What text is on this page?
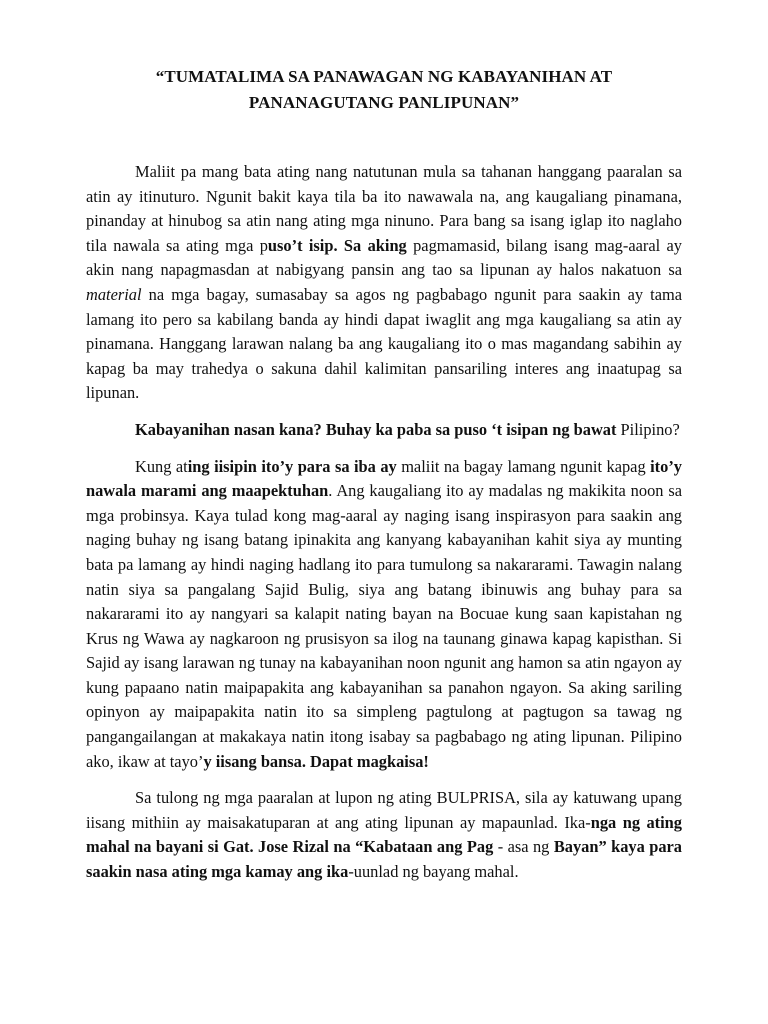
“TUMATALIMA SA PANAWAGAN NG KABAYANIHAN AT
PANANAGUTANG PANLIPUNAN”

Maliit pa mang bata ating nang natutunan mula sa tahanan hanggang paaralan sa atin ay itinuturo. Ngunit bakit kaya tila ba ito nawawala na, ang kaugaliang pinamana, pinanday at hinubog sa atin nang ating mga ninuno. Para bang sa isang iglap ito naglaho tila nawala sa ating mga puso’t isip. Sa aking pagmamasid, bilang isang mag-aaral ay akin nang napagmasdan at nabigyang pansin ang tao sa lipunan ay halos nakatuon sa material na mga bagay, sumasabay sa agos ng pagbabago ngunit para saakin ay tama lamang ito pero sa kabilang banda ay hindi dapat iwaglit ang mga kaugaliang sa atin ay pinamana. Hanggang larawan nalang ba ang kaugaliang ito o mas magandang sabihin ay kapag ba may trahedya o sakuna dahil kalimitan pansariling interes ang inaatupag sa lipunan.

Kabayanihan nasan kana? Buhay ka paba sa puso ‘t isipan ng bawat Pilipino?

Kung ating iisipin ito’y para sa iba ay maliit na bagay lamang ngunit kapag ito’y nawala marami ang maapektuhan. Ang kaugaliang ito ay madalas ng makikita noon sa mga probinsya. Kaya tulad kong mag-aaral ay naging isang inspirasyon para saakin ang naging buhay ng isang batang ipinakita ang kanyang kabayanihan kahit siya ay munting bata pa lamang ay hindi naging hadlang ito para tumulong sa nakararami. Tawagin nalang natin siya sa pangalang Sajid Bulig, siya ang batang ibinuwis ang buhay para sa nakararami ito ay nangyari sa kalapit nating bayan na Bocuae kung saan kapistahan ng Krus ng Wawa ay nagkaroon ng prusisyon sa ilog na taunang ginawa kapag kapisthan. Si Sajid ay isang larawan ng tunay na kabayanihan noon ngunit ang hamon sa atin ngayon ay kung papaano natin maipapakita ang kabayanihan sa panahon ngayon. Sa aking sariling opinyon ay maipapakita natin ito sa simpleng pagtulong at pagtugon sa tawag ng pangangailangan at makakaya natin itong isabay sa pagbabago ng ating lipunan. Pilipino ako, ikaw at tayo’y iisang bansa. Dapat magkaisa!

Sa tulong ng mga paaralan at lupon ng ating BULPRISA, sila ay katuwang upang iisang mithiin ay maisakatuparan at ang ating lipunan ay mapaunlad. Ika-nga ng ating mahal na bayani si Gat. Jose Rizal na “Kabataan ang Pag - asa ng Bayan” kaya para saakin nasa ating mga kamay ang ika-uunlad ng bayang mahal.
